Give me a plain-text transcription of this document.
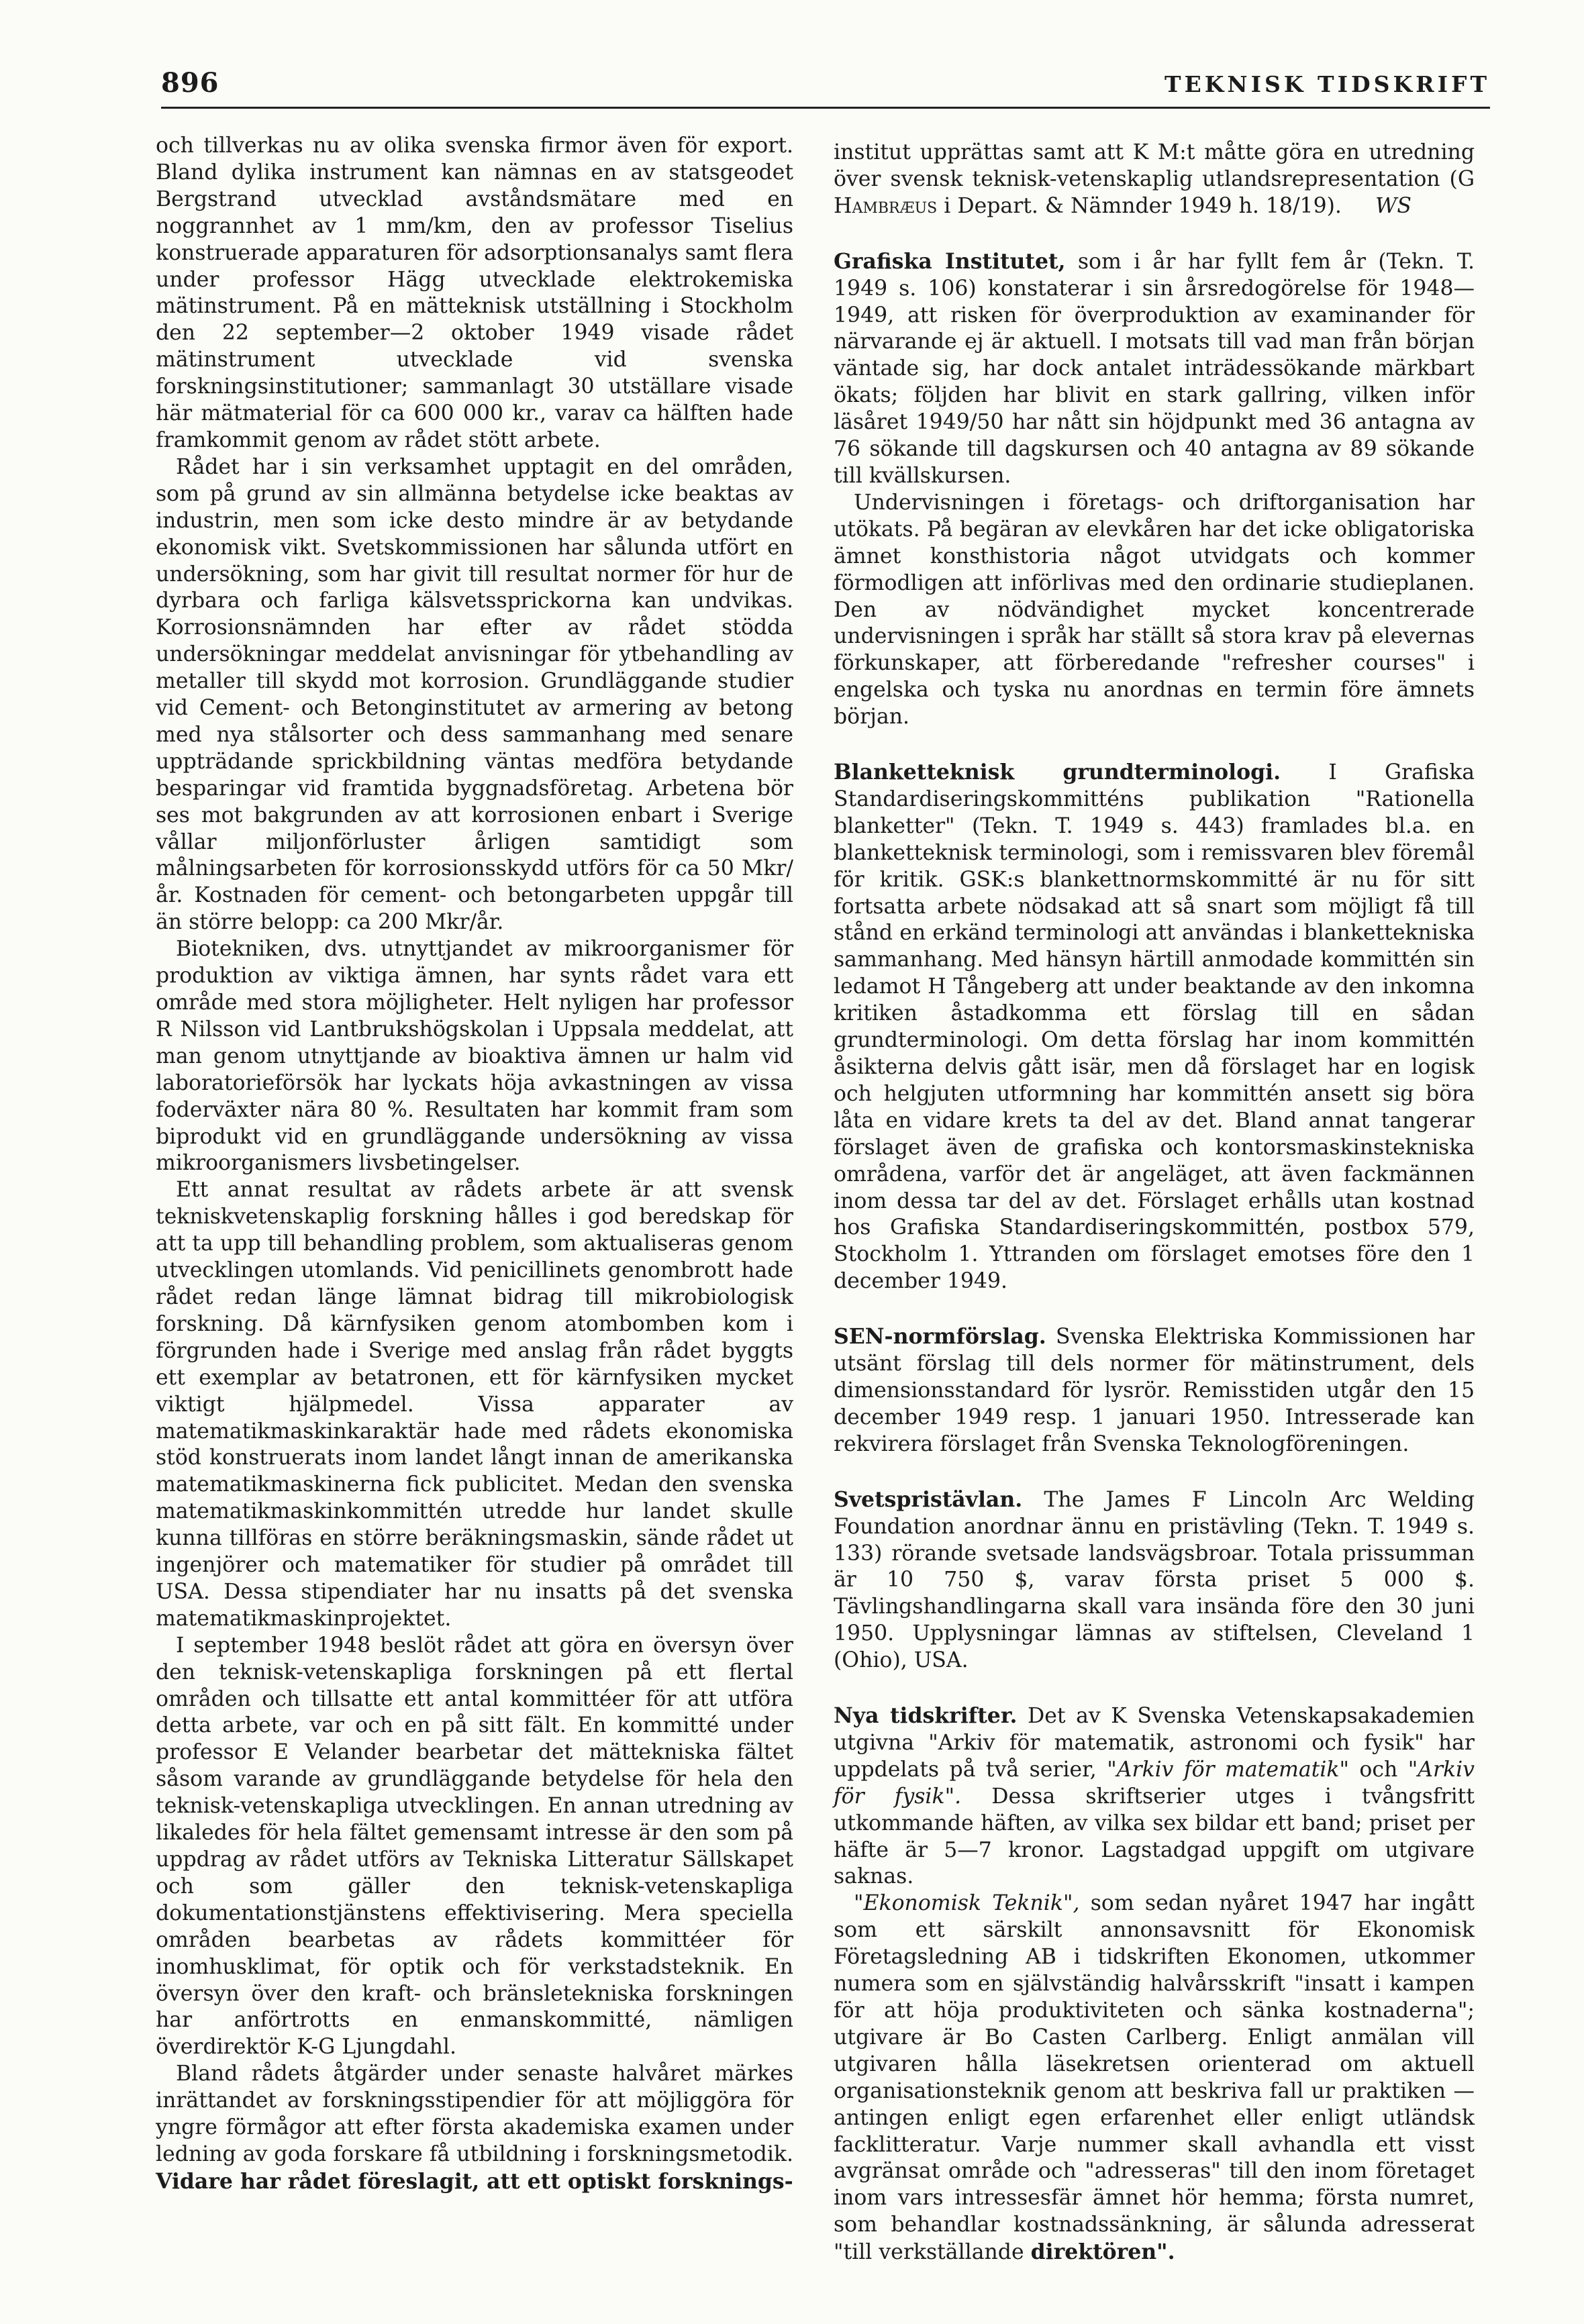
896	TEKNISK TIDSKRIFT

och tillverkas nu av olika svenska firmor även för export. Bland dylika instrument kan nämnas en av statsgeodet Bergstrand utvecklad avståndsmätare med en noggrannhet av 1 mm/km, den av professor Tiselius konstruerade apparaturen för adsorptionsanalys samt flera under professor Hägg utvecklade elektrokemiska mätinstrument. På en mätteknisk utställning i Stockholm den 22 september—2 oktober 1949 visade rådet mätinstrument utvecklade vid svenska forskningsinstitutioner; sammanlagt 30 utställare visade här mätmaterial för ca 600 000 kr., varav ca hälften hade framkommit genom av rådet stött arbete.

Rådet har i sin verksamhet upptagit en del områden, som på grund av sin allmänna betydelse icke beaktas av industrin, men som icke desto mindre är av betydande ekonomisk vikt. Svetskommissionen har sålunda utfört en undersökning, som har givit till resultat normer för hur de dyrbara och farliga kälsvetssprickorna kan undvikas. Korrosionsnämnden har efter av rådet stödda undersökningar meddelat anvisningar för ytbehandling av metaller till skydd mot korrosion. Grundläggande studier vid Cement- och Betonginstitutet av armering av betong med nya stålsorter och dess sammanhang med senare uppträdande sprickbildning väntas medföra betydande besparingar vid framtida byggnadsföretag. Arbetena bör ses mot bakgrunden av att korrosionen enbart i Sverige vållar miljonförluster årligen samtidigt som målningsarbeten för korrosionsskydd utförs för ca 50 Mkr/år. Kostnaden för cement- och betongarbeten uppgår till än större belopp: ca 200 Mkr/år.

Biotekniken, dvs. utnyttjandet av mikroorganismer för produktion av viktiga ämnen, har synts rådet vara ett område med stora möjligheter. Helt nyligen har professor R Nilsson vid Lantbrukshögskolan i Uppsala meddelat, att man genom utnyttjande av bioaktiva ämnen ur halm vid laboratorieförsök har lyckats höja avkastningen av vissa foderväxter nära 80 %. Resultaten har kommit fram som biprodukt vid en grundläggande undersökning av vissa mikroorganismers livsbetingelser.

Ett annat resultat av rådets arbete är att svensk tekniskvetenskaplig forskning hålles i god beredskap för att ta upp till behandling problem, som aktualiseras genom utvecklingen utomlands. Vid penicillinets genombrott hade rådet redan länge lämnat bidrag till mikrobiologisk forskning. Då kärnfysiken genom atombomben kom i förgrunden hade i Sverige med anslag från rådet byggts ett exemplar av betatronen, ett för kärnfysiken mycket viktigt hjälpmedel. Vissa apparater av matematikmaskinkaraktär hade med rådets ekonomiska stöd konstruerats inom landet långt innan de amerikanska matematikmaskinerna fick publicitet. Medan den svenska matematikmaskinkommittén utredde hur landet skulle kunna tillföras en större beräkningsmaskin, sände rådet ut ingenjörer och matematiker för studier på området till USA. Dessa stipendiater har nu insatts på det svenska matematikmaskinprojektet.

I september 1948 beslöt rådet att göra en översyn över den teknisk-vetenskapliga forskningen på ett flertal områden och tillsatte ett antal kommittéer för att utföra detta arbete, var och en på sitt fält. En kommitté under professor E Velander bearbetar det mättekniska fältet såsom varande av grundläggande betydelse för hela den teknisk-vetenskapliga utvecklingen. En annan utredning av likaledes för hela fältet gemensamt intresse är den som på uppdrag av rådet utförs av Tekniska Litteratur Sällskapet och som gäller den teknisk-vetenskapliga dokumentationstjänstens effektivisering. Mera speciella områden bearbetas av rådets kommittéer för inomhusklimat, för optik och för verkstadsteknik. En översyn över den kraft- och bränsletekniska forskningen har anförtrotts en enmanskommitté, nämligen överdirektör K-G Ljungdahl.

Bland rådets åtgärder under senaste halvåret märkes inrättandet av forskningsstipendier för att möjliggöra för yngre förmågor att efter första akademiska examen under ledning av goda forskare få utbildning i forskningsmetodik. Vidare har rådet föreslagit, att ett optiskt forsknings-

institut upprättas samt att K M:t måtte göra en utredning över svensk teknisk-vetenskaplig utlandsrepresentation (G Hambræus i Depart. & Nämnder 1949 h. 18/19). WS

Grafiska Institutet, som i år har fyllt fem år (Tekn. T. 1949 s. 106) konstaterar i sin årsredogörelse för 1948—1949, att risken för överproduktion av examinander för närvarande ej är aktuell. I motsats till vad man från början väntade sig, har dock antalet inträdessökande märkbart ökats; följden har blivit en stark gallring, vilken inför läsåret 1949/50 har nått sin höjdpunkt med 36 antagna av 76 sökande till dagskursen och 40 antagna av 89 sökande till kvällskursen.

Undervisningen i företags- och driftorganisation har utökats. På begäran av elevkåren har det icke obligatoriska ämnet konsthistoria något utvidgats och kommer förmodligen att införlivas med den ordinarie studieplanen. Den av nödvändighet mycket koncentrerade undervisningen i språk har ställt så stora krav på elevernas förkunskaper, att förberedande "refresher courses" i engelska och tyska nu anordnas en termin före ämnets början.

Blanketteknisk grundterminologi. I Grafiska Standardiseringskommitténs publikation "Rationella blanketter" (Tekn. T. 1949 s. 443) framlades bl.a. en blanketteknisk terminologi, som i remissvaren blev föremål för kritik. GSK:s blankettnormskommitté är nu för sitt fortsatta arbete nödsakad att så snart som möjligt få till stånd en erkänd terminologi att användas i blankettekniska sammanhang. Med hänsyn härtill anmodade kommittén sin ledamot H Tångeberg att under beaktande av den inkomna kritiken åstadkomma ett förslag till en sådan grundterminologi. Om detta förslag har inom kommittén åsikterna delvis gått isär, men då förslaget har en logisk och helgjuten utformning har kommittén ansett sig böra låta en vidare krets ta del av det. Bland annat tangerar förslaget även de grafiska och kontorsmaskinstekniska områdena, varför det är angeläget, att även fackmännen inom dessa tar del av det. Förslaget erhålls utan kostnad hos Grafiska Standardiseringskommittén, postbox 579, Stockholm 1. Yttranden om förslaget emotses före den 1 december 1949.

SEN-normförslag. Svenska Elektriska Kommissionen har utsänt förslag till dels normer för mätinstrument, dels dimensionsstandard för lysrör. Remisstiden utgår den 15 december 1949 resp. 1 januari 1950. Intresserade kan rekvirera förslaget från Svenska Teknologföreningen.

Svetspristävlan. The James F Lincoln Arc Welding Foundation anordnar ännu en pristävling (Tekn. T. 1949 s. 133) rörande svetsade landsvägsbroar. Totala prissumman är 10 750 $, varav första priset 5 000 $. Tävlingshandlingarna skall vara insända före den 30 juni 1950. Upplysningar lämnas av stiftelsen, Cleveland 1 (Ohio), USA.

Nya tidskrifter. Det av K Svenska Vetenskapsakademien utgivna "Arkiv för matematik, astronomi och fysik" har uppdelats på två serier, "Arkiv för matematik" och "Arkiv för fysik". Dessa skriftserier utges i tvångsfritt utkommande häften, av vilka sex bildar ett band; priset per häfte är 5—7 kronor. Lagstadgad uppgift om utgivare saknas.

"Ekonomisk Teknik", som sedan nyåret 1947 har ingått som ett särskilt annonsavsnitt för Ekonomisk Företagsledning AB i tidskriften Ekonomen, utkommer numera som en självständig halvårsskrift "insatt i kampen för att höja produktiviteten och sänka kostnaderna"; utgivare är Bo Casten Carlberg. Enligt anmälan vill utgivaren hålla läsekretsen orienterad om aktuell organisationsteknik genom att beskriva fall ur praktiken — antingen enligt egen erfarenhet eller enligt utländsk facklitteratur. Varje nummer skall avhandla ett visst avgränsat område och "adresseras" till den inom företaget inom vars intressesfär ämnet hör hemma; första numret, som behandlar kostnadssänkning, är sålunda adresserat "till verkställande direktören".
